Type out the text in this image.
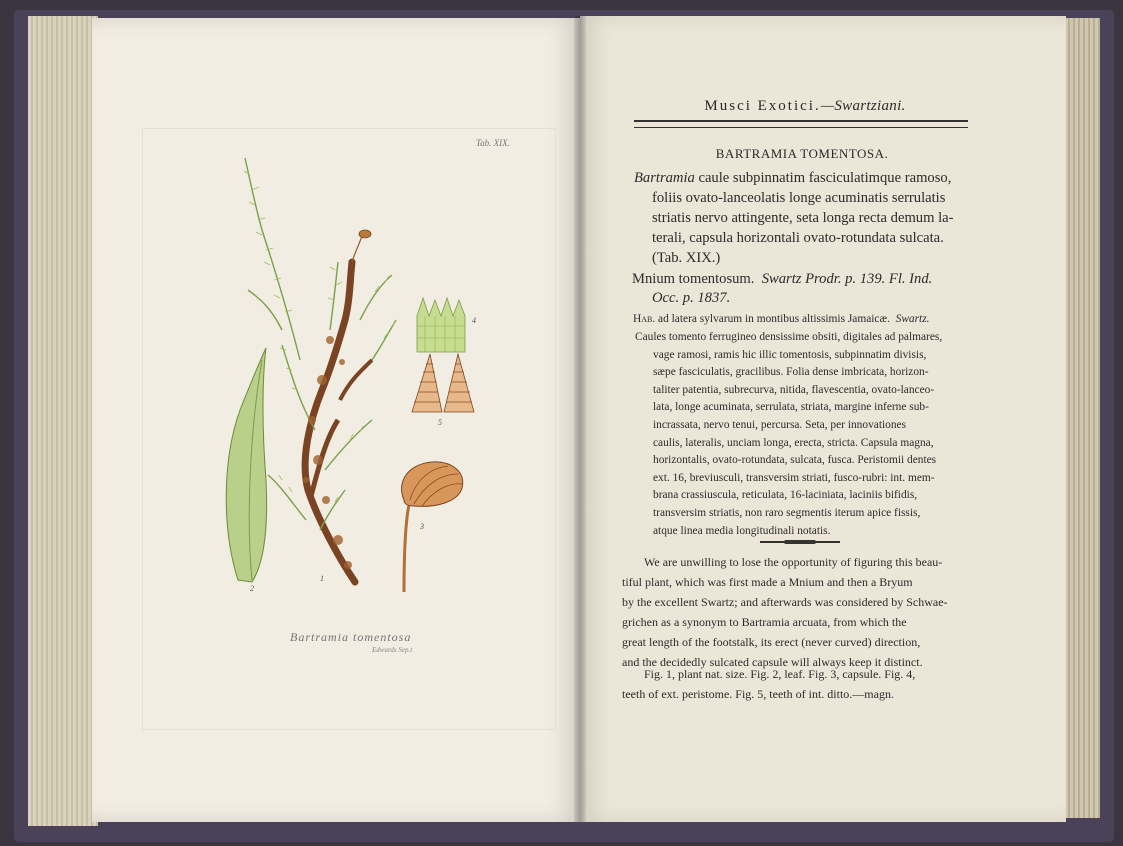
Tab. XIX.
2
1
3
4
5
Bartramia tomentosa
Edwards Sep.t
Musci Exotici.—Swartziani.
BARTRAMIA TOMENTOSA.
Bartramia caule subpinnatim fasciculatimque ramoso,
foliis ovato-lanceolatis longe acuminatis serrulatis
striatis nervo attingente, seta longa recta demum la-
terali, capsula horizontali ovato-rotundata sulcata.
(Tab. XIX.)
Mnium tomentosum. Swartz Prodr. p. 139. Fl. Ind.
Occ. p. 1837.
Hab. ad latera sylvarum in montibus altissimis Jamaicæ. Swartz.
Caules tomento ferrugineo densissime obsiti, digitales ad palmares,
vage ramosi, ramis hic illic tomentosis, subpinnatim divisis,
sæpe fasciculatis, gracilibus. Folia dense imbricata, horizon-
taliter patentia, subrecurva, nitida, flavescentia, ovato-lanceo-
lata, longe acuminata, serrulata, striata, margine inferne sub-
incrassata, nervo tenui, percursa. Seta, per innovationes
caulis, lateralis, unciam longa, erecta, stricta. Capsula magna,
horizontalis, ovato-rotundata, sulcata, fusca. Peristomii dentes
ext. 16, breviusculi, transversim striati, fusco-rubri: int. mem-
brana crassiuscula, reticulata, 16-laciniata, laciniis bifidis,
transversim striatis, non raro segmentis iterum apice fissis,
atque linea media longitudinali notatis.
We are unwilling to lose the opportunity of figuring this beau-
tiful plant, which was first made a Mnium and then a Bryum
by the excellent Swartz; and afterwards was considered by Schwae-
grichen as a synonym to Bartramia arcuata, from which the
great length of the footstalk, its erect (never curved) direction,
and the decidedly sulcated capsule will always keep it distinct.
Fig. 1, plant nat. size. Fig. 2, leaf. Fig. 3, capsule. Fig. 4,
teeth of ext. peristome. Fig. 5, teeth of int. ditto.—magn.
